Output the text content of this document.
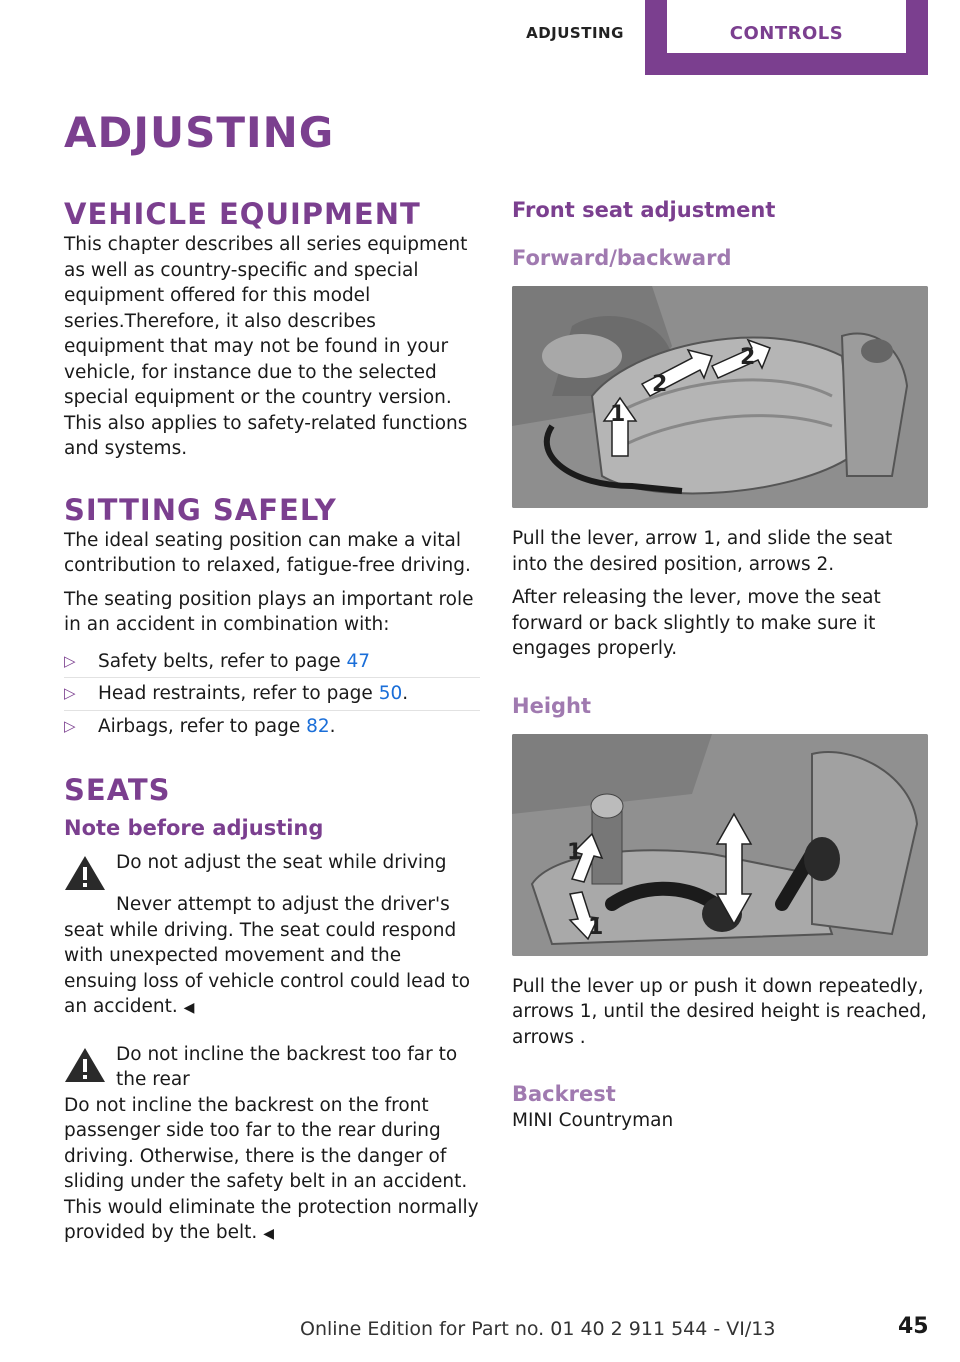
ADJUSTING	CONTROLS
ADJUSTING
VEHICLE EQUIPMENT

This chapter describes all series equipment as well as country-specific and special equipment offered for this model series.Therefore, it also describes equipment that may not be found in your vehicle, for instance due to the selected special equipment or the country version. This also applies to safety-related functions and systems.

SITTING SAFELY

The ideal seating position can make a vital contribution to relaxed, fatigue-free driving.

The seating position plays an important role in an accident in combination with:

▷	Safety belts, refer to page 47
▷	Head restraints, refer to page 50.
▷	Airbags, refer to page 82.
SEATS
Note before adjusting
Do not adjust the seat while driving

Never attempt to adjust the driver's seat while driving. The seat could respond with unexpected movement and the ensuing loss of vehicle control could lead to an accident. ◀

Do not incline the backrest too far to the rear

Do not incline the backrest on the front passenger side too far to the rear during driving. Otherwise, there is the danger of sliding under the safety belt in an accident. This would eliminate the protection normally provided by the belt. ◀

Front seat adjustment
Forward/backward
1
2
2

Pull the lever, arrow 1, and slide the seat into the desired position, arrows 2.

After releasing the lever, move the seat forward or back slightly to make sure it engages properly.

Height
1
1

Pull the lever up or push it down repeatedly, arrows 1, until the desired height is reached, arrows .

Backrest

MINI Countryman

Online Edition for Part no. 01 40 2 911 544 - VI/13	45
